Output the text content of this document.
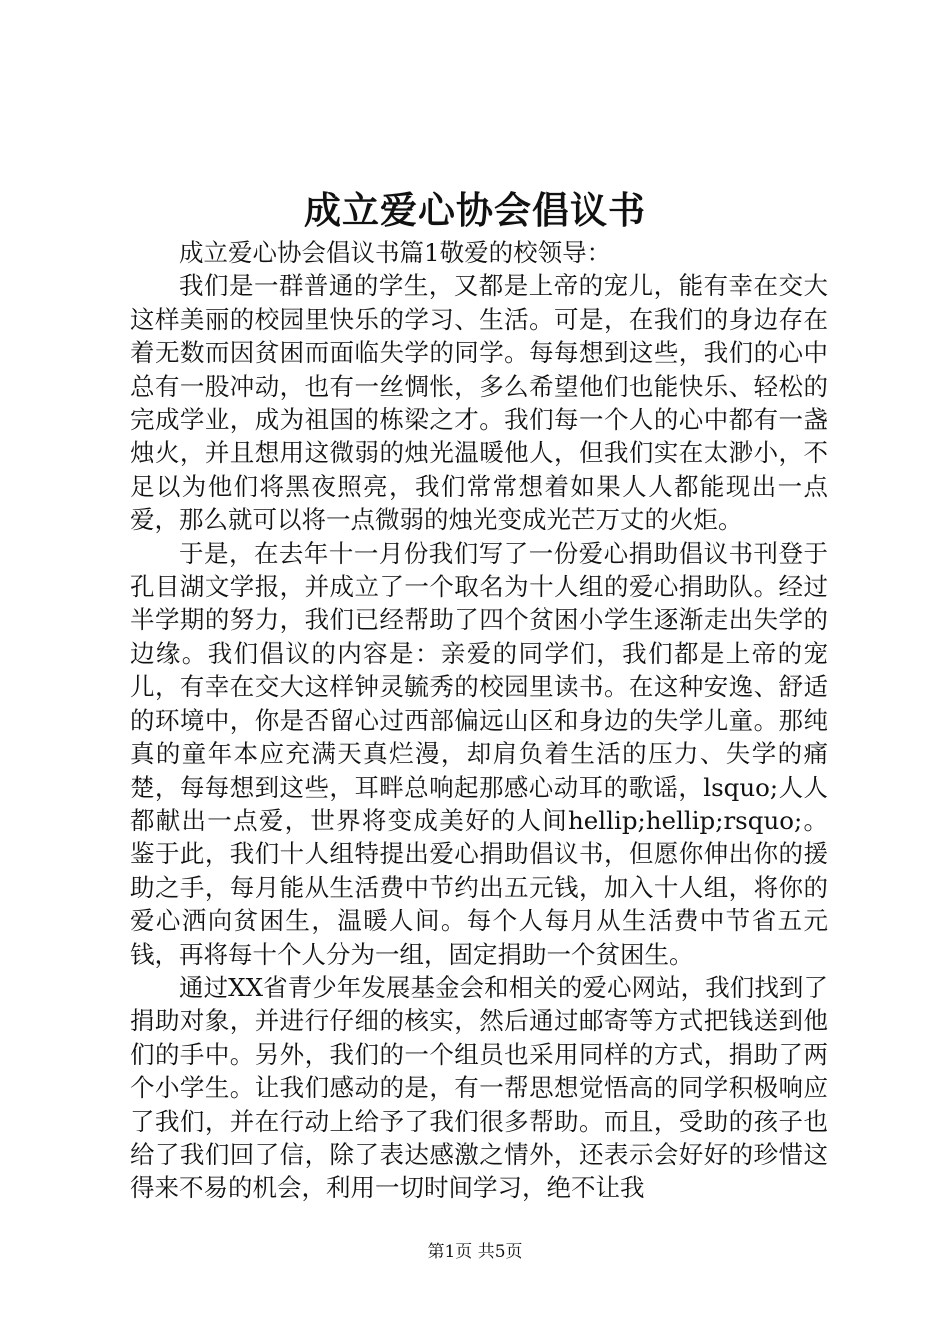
成立爱心协会倡议书

成立爱心协会倡议书篇1敬爱的校领导：

我们是一群普通的学生，又都是上帝的宠儿，能有幸在交大这样美丽的校园里快乐的学习、生活。可是，在我们的身边存在着无数而因贫困而面临失学的同学。每每想到这些，我们的心中总有一股冲动，也有一丝惆怅，多么希望他们也能快乐、轻松的完成学业，成为祖国的栋梁之才。我们每一个人的心中都有一盏烛火，并且想用这微弱的烛光温暖他人，但我们实在太渺小，不足以为他们将黑夜照亮，我们常常想着如果人人都能现出一点爱，那么就可以将一点微弱的烛光变成光芒万丈的火炬。

于是，在去年十一月份我们写了一份爱心捐助倡议书刊登于孔目湖文学报，并成立了一个取名为十人组的爱心捐助队。经过半学期的努力，我们已经帮助了四个贫困小学生逐渐走出失学的边缘。我们倡议的内容是：亲爱的同学们，我们都是上帝的宠儿，有幸在交大这样钟灵毓秀的校园里读书。在这种安逸、舒适的环境中，你是否留心过西部偏远山区和身边的失学儿童。那纯真的童年本应充满天真烂漫，却肩负着生活的压力、失学的痛楚，每每想到这些，耳畔总响起那感心动耳的歌谣，lsquo;人人都献出一点爱，世界将变成美好的人间hellip;hellip;rsquo;。鉴于此，我们十人组特提出爱心捐助倡议书，但愿你伸出你的援助之手，每月能从生活费中节约出五元钱，加入十人组，将你的爱心洒向贫困生，温暖人间。每个人每月从生活费中节省五元钱，再将每十个人分为一组，固定捐助一个贫困生。

通过XX省青少年发展基金会和相关的爱心网站，我们找到了捐助对象，并进行仔细的核实，然后通过邮寄等方式把钱送到他们的手中。另外，我们的一个组员也采用同样的方式，捐助了两个小学生。让我们感动的是，有一帮思想觉悟高的同学积极响应了我们，并在行动上给予了我们很多帮助。而且，受助的孩子也给了我们回了信，除了表达感激之情外，还表示会好好的珍惜这得来不易的机会，利用一切时间学习，绝不让我

第1页 共5页
